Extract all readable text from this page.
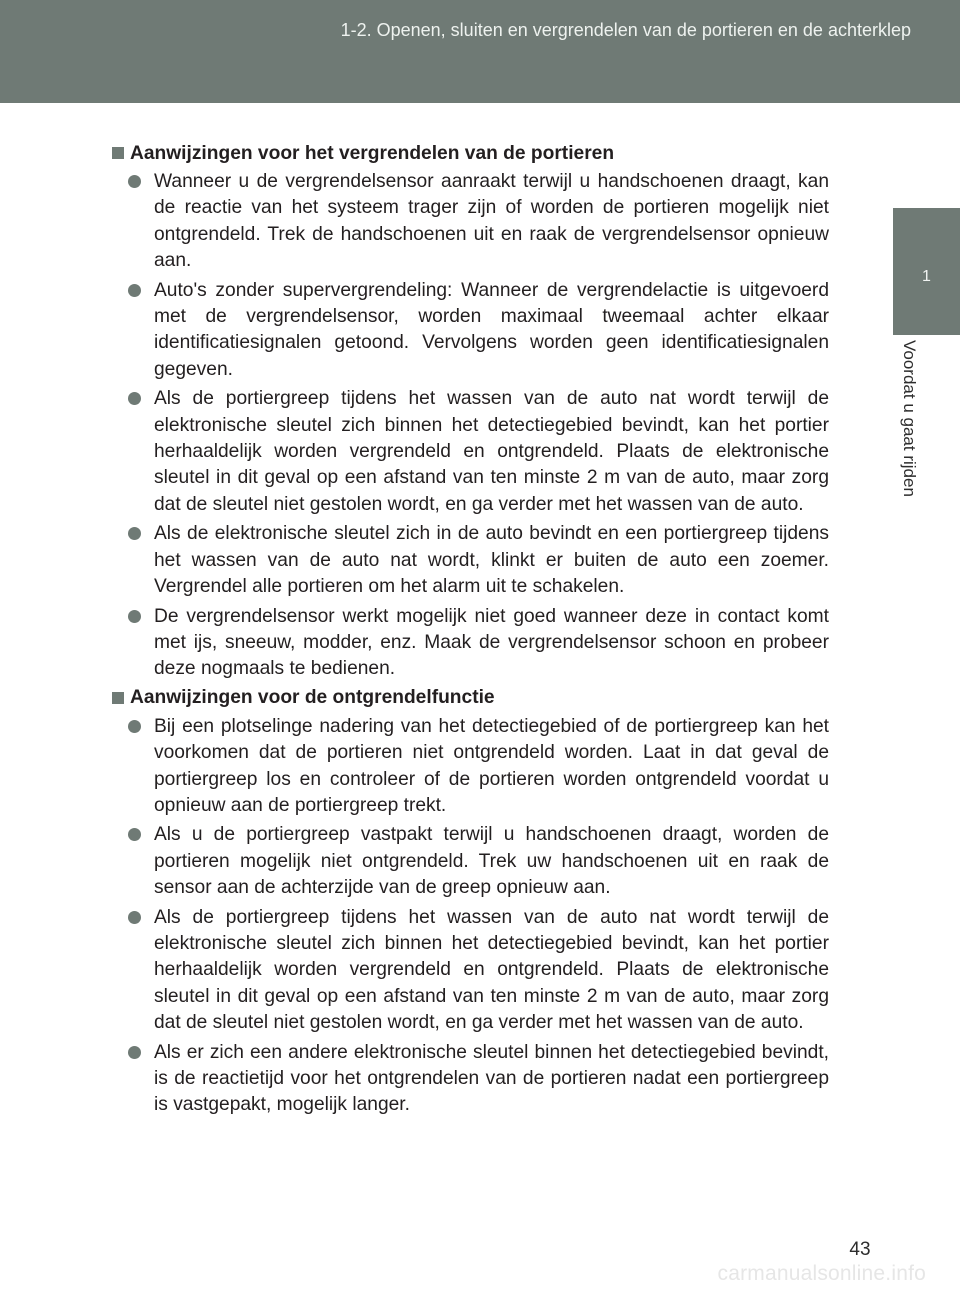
1-2. Openen, sluiten en vergrendelen van de portieren en de achterklep
1
Voordat u gaat rijden
Aanwijzingen voor het vergrendelen van de portieren
Wanneer u de vergrendelsensor aanraakt terwijl u handschoenen draagt, kan de reactie van het systeem trager zijn of worden de portieren mogelijk niet ontgrendeld. Trek de handschoenen uit en raak de vergrendelsensor opnieuw aan.
Auto's zonder supervergrendeling: Wanneer de vergrendelactie is uitgevoerd met de vergrendelsensor, worden maximaal tweemaal achter elkaar identificatiesignalen getoond. Vervolgens worden geen identificatiesignalen gegeven.
Als de portiergreep tijdens het wassen van de auto nat wordt terwijl de elektronische sleutel zich binnen het detectiegebied bevindt, kan het portier herhaaldelijk worden vergrendeld en ontgrendeld. Plaats de elektronische sleutel in dit geval op een afstand van ten minste 2 m van de auto, maar zorg dat de sleutel niet gestolen wordt, en ga verder met het wassen van de auto.
Als de elektronische sleutel zich in de auto bevindt en een portiergreep tijdens het wassen van de auto nat wordt, klinkt er buiten de auto een zoemer. Vergrendel alle portieren om het alarm uit te schakelen.
De vergrendelsensor werkt mogelijk niet goed wanneer deze in contact komt met ijs, sneeuw, modder, enz. Maak de vergrendelsensor schoon en probeer deze nogmaals te bedienen.
Aanwijzingen voor de ontgrendelfunctie
Bij een plotselinge nadering van het detectiegebied of de portiergreep kan het voorkomen dat de portieren niet ontgrendeld worden. Laat in dat geval de portiergreep los en controleer of de portieren worden ontgrendeld voordat u opnieuw aan de portiergreep trekt.
Als u de portiergreep vastpakt terwijl u handschoenen draagt, worden de portieren mogelijk niet ontgrendeld. Trek uw handschoenen uit en raak de sensor aan de achterzijde van de greep opnieuw aan.
Als de portiergreep tijdens het wassen van de auto nat wordt terwijl de elektronische sleutel zich binnen het detectiegebied bevindt, kan het portier herhaaldelijk worden vergrendeld en ontgrendeld. Plaats de elektronische sleutel in dit geval op een afstand van ten minste 2 m van de auto, maar zorg dat de sleutel niet gestolen wordt, en ga verder met het wassen van de auto.
Als er zich een andere elektronische sleutel binnen het detectiegebied bevindt, is de reactietijd voor het ontgrendelen van de portieren nadat een portiergreep is vastgepakt, mogelijk langer.
43
carmanualsonline.info
